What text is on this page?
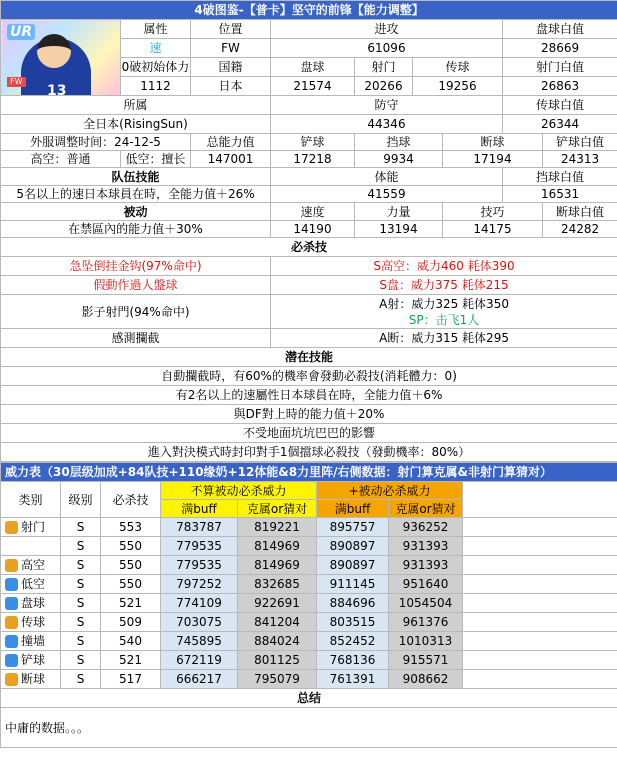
4破图鉴-【普卡】坚守的前锋【能力调整】								

UR
13
FW	属性	位置	进攻				盘球白值	
	速	FW	61096				28669	
	0破初始体力	国籍	盘球	射门	传球		射门白值	
	1112	日本	21574	20266	19256		26863	
所属			防守				传球白值	
全日本(RisingSun)			44346				26344	
外服调整时间：24-12-5		总能力值	铲球	挡球		断球		铲球白值
高空：普通	低空：擅长	147001	17218	9934		17194		24313
队伍技能			体能				挡球白值	
5名以上的速日本球員在時，全能力值＋26%			41559				16531	
被动			速度	力量		技巧		断球白值
在禁區內的能力值＋30%			14190	13194		14175		24282
必杀技								
急坠倒挂金钩(97%命中)			S高空：威力460 耗体390					
假動作過人盤球			S盘：威力375 耗体215					
影子射門(94%命中)			A射：威力325 耗体350
SP：击飞1人					

感測攔截			A断：威力315 耗体295					
潜在技能								
自動攔截時，有60%的機率會發動必殺技(消耗體力：0)								
有2名以上的速屬性日本球員在時，全能力值＋6%								
與DF對上時的能力值＋20%								
不受地面坑坑巴巴的影響								
進入對決模式時封印對手1個擋球必殺技（發動機率：80%）								
威力表（30层级加成+84队技+110缘奶+12体能&8力里阵/右侧数据：射门算克属&非射门算猜对）							
类别	级别	必杀技	不算被动必杀威力		+被动必杀威力		
			满buff	克属or猜对	满buff	克属or猜对	
射门	S	553	783787	819221	895757	936252	
	S	550	779535	814969	890897	931393	
高空	S	550	779535	814969	890897	931393	
低空	S	550	797252	832685	911145	951640	
盘球	S	521	774109	922691	884696	1054504	
传球	S	509	703075	841204	803515	961376	
撞墙	S	540	745895	884024	852452	1010313	
铲球	S	521	672119	801125	768136	915571	
断球	S	517	666217	795079	761391	908662	
总结							
中庸的数据。。。							
